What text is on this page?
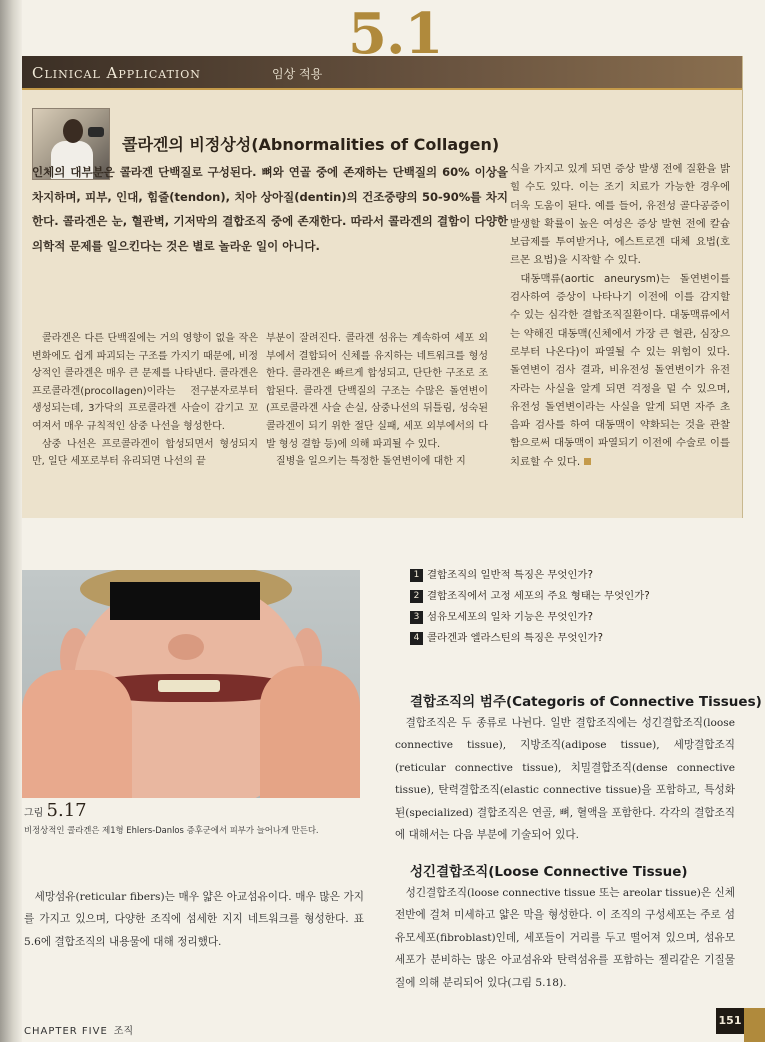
Clinical Application	임상 적용
콜라겐의 비정상성(Abnormalities of Collagen)
인체의 대부분은 콜라겐 단백질로 구성된다. 뼈와 연골 중에 존재하는 단백질의 60% 이상을 차지하며, 피부, 인대, 힘줄(tendon), 치아 상아질(dentin)의 건조중량의 50-90%를 차지한다. 콜라겐은 눈, 혈관벽, 기저막의 결합조직 중에 존재한다. 따라서 콜라겐의 결함이 다양한 의학적 문제를 일으킨다는 것은 별로 놀라운 일이 아니다.

콜라겐은 다른 단백질에는 거의 영향이 없을 작은 변화에도 쉽게 파괴되는 구조를 가지기 때문에, 비정상적인 콜라겐은 매우 큰 문제를 나타낸다. 콜라겐은 프로콜라겐(procollagen)이라는 전구분자로부터 생성되는데, 3가닥의 프로콜라겐 사슬이 감기고 꼬여져서 매우 규칙적인 삼중 나선을 형성한다.

삼중 나선은 프로콜라겐이 합성되면서 형성되지만, 일단 세포로부터 유리되면 나선의 끝

부분이 잘려진다. 콜라겐 섬유는 계속하여 세포 외부에서 결합되어 신체를 유지하는 네트워크를 형성한다. 콜라겐은 빠르게 합성되고, 단단한 구조로 조합된다. 콜라겐 단백질의 구조는 수많은 돌연변이(프로콜라겐 사슬 손실, 삼중나선의 뒤틀림, 성숙된 콜라겐이 되기 위한 절단 실패, 세포 외부에서의 다발 형성 결함 등)에 의해 파괴될 수 있다.

질병을 일으키는 특정한 돌연변이에 대한 지

식을 가지고 있게 되면 증상 발생 전에 질환을 밝힐 수도 있다. 이는 조기 치료가 가능한 경우에 더욱 도움이 된다. 예를 들어, 유전성 골다공증이 발생할 확률이 높은 여성은 증상 발현 전에 칼슘 보급제를 투여받거나, 에스트로겐 대체 요법(호르몬 요법)을 시작할 수 있다.

대동맥류(aortic aneurysm)는 돌연변이를 검사하여 증상이 나타나기 이전에 이를 감지할 수 있는 심각한 결합조직질환이다. 대동맥류에서는 약해진 대동맥(신체에서 가장 큰 혈관, 심장으로부터 나온다)이 파열될 수 있는 위험이 있다. 돌연변이 검사 결과, 비유전성 돌연변이가 유전자라는 사실을 알게 되면 걱정을 덜 수 있으며, 유전성 돌연변이라는 사실을 알게 되면 자주 초음파 검사를 하여 대동맥이 약화되는 것을 관찰함으로써 대동맥이 파열되기 이전에 수술로 이를 치료할 수 있다.

5.1
그림 5.17
비정상적인 콜라겐은 제1형 Ehlers-Danlos 증후군에서 피부가 늘어나게 만든다.
1 결합조직의 일반적 특징은 무엇인가?
2 결합조직에서 고정 세포의 주요 형태는 무엇인가?
3 섬유모세포의 일차 기능은 무엇인가?
4 콜라겐과 엘라스틴의 특징은 무엇인가?
결합조직의 범주(Categoris of Connective Tissues)

결합조직은 두 종류로 나뉜다. 일반 결합조직에는 성긴결합조직(loose connective tissue), 지방조직(adipose tissue), 세망결합조직(reticular connective tissue), 치밀결합조직(dense connective tissue), 탄력결합조직(elastic connective tissue)을 포함하고, 특성화된(specialized) 결합조직은 연골, 뼈, 혈액을 포함한다. 각각의 결합조직에 대해서는 다음 부분에 기술되어 있다.

성긴결합조직(Loose Connective Tissue)

성긴결합조직(loose connective tissue 또는 areolar tissue)은 신체 전반에 걸쳐 미세하고 얇은 막을 형성한다. 이 조직의 구성세포는 주로 섬유모세포(fibroblast)인데, 세포들이 거리를 두고 떨어져 있으며, 섬유모세포가 분비하는 많은 아교섬유와 탄력섬유를 포함하는 젤리같은 기질물질에 의해 분리되어 있다(그림 5.18).

세망섬유(reticular fibers)는 매우 얇은 아교섬유이다. 매우 많은 가지를 가지고 있으며, 다양한 조직에 섬세한 지지 네트워크를 형성한다. 표 5.6에 결합조직의 내용물에 대해 정리했다.

CHAPTER FIVE 조직
151
